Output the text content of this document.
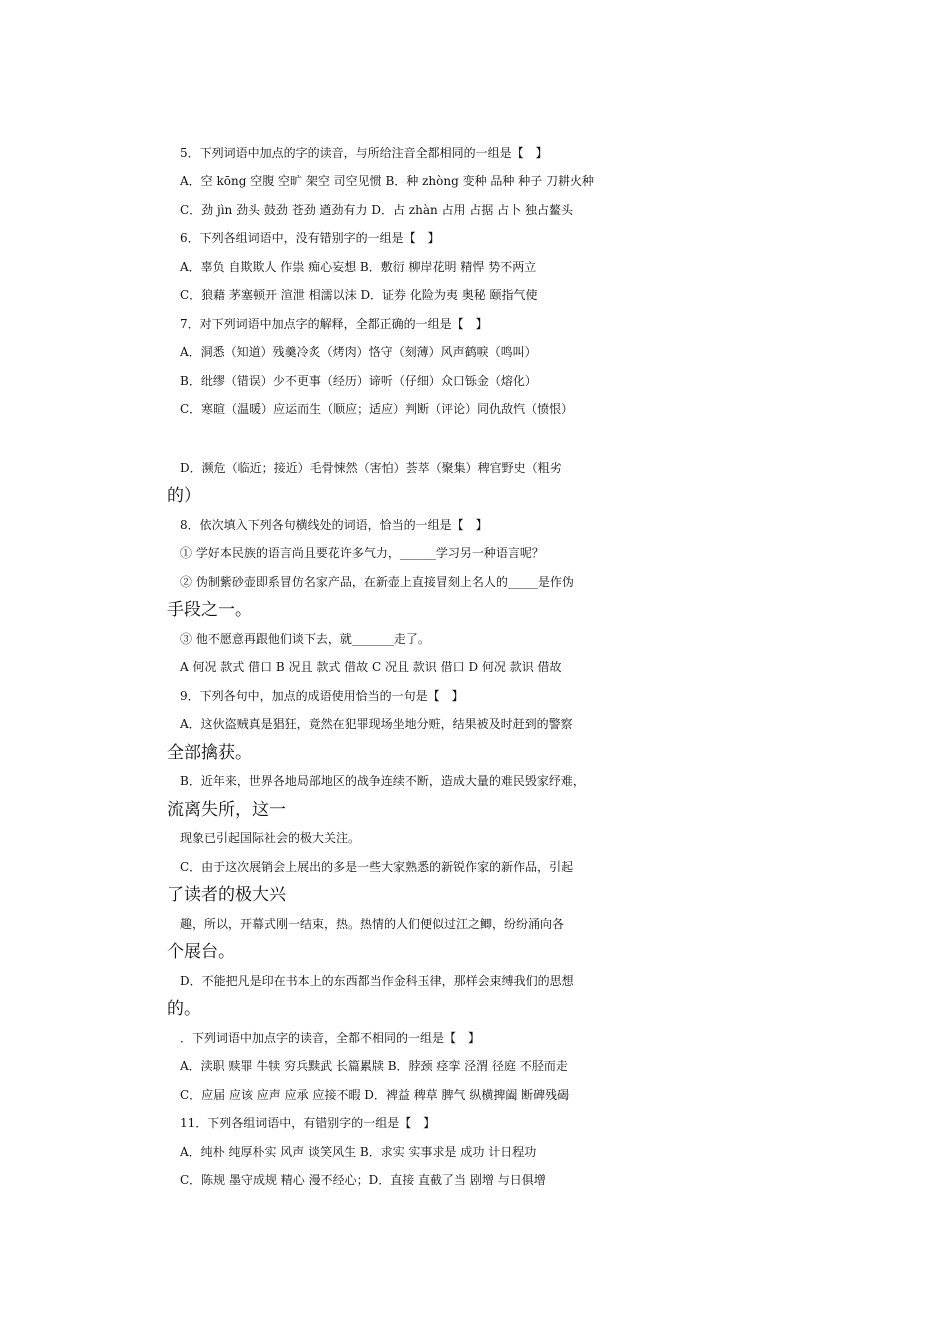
5．下列词语中加点的字的读音，与所给注音全都相同的一组是【　】

A．空 kōng 空腹 空旷 架空 司空见惯 B．种 zhòng 变种 品种 种子 刀耕火种

C．劲 jìn 劲头 鼓劲 苍劲 遒劲有力 D．占 zhàn 占用 占据 占卜 独占鳌头

6．下列各组词语中，没有错别字的一组是【　】

A．辜负 自欺欺人 作祟 痴心妄想 B．敷衍 柳岸花明 精悍 势不两立

C．狼藉 茅塞顿开 渲泄 相濡以沫 D．证券 化险为夷 奥秘 颐指气使

7．对下列词语中加点字的解释，全都正确的一组是【　】

A．洞悉（知道）残羹冷炙（烤肉）恪守（刻薄）风声鹤唳（鸣叫）

B．纰缪（错误）少不更事（经历）谛听（仔细）众口铄金（熔化）

C．寒暄（温暖）应运而生（顺应；适应）判断（评论）同仇敌忾（愤恨）

D．濒危（临近；接近）毛骨悚然（害怕）荟萃（聚集）稗官野史（粗劣

的）

8．依次填入下列各句横线处的词语，恰当的一组是【　】

① 学好本民族的语言尚且要花许多气力，______学习另一种语言呢？

② 伪制紫砂壶即系冒仿名家产品，在新壶上直接冒刻上名人的_____是作伪

手段之一。

③ 他不愿意再跟他们谈下去，就_______走了。

A 何况 款式 借口 B 况且 款式 借故 C 况且 款识 借口 D 何况 款识 借故

9．下列各句中，加点的成语使用恰当的一句是【　】

A．这伙盗贼真是猖狂，竟然在犯罪现场坐地分赃，结果被及时赶到的警察

全部擒获。

B．近年来，世界各地局部地区的战争连续不断，造成大量的难民毁家纾难，

流离失所，这一

现象已引起国际社会的极大关注。

C．由于这次展销会上展出的多是一些大家熟悉的新锐作家的新作品，引起

了读者的极大兴

趣，所以，开幕式刚一结束，热。热情的人们便似过江之鲫，纷纷涌向各

个展台。

D．不能把凡是印在书本上的东西都当作金科玉律，那样会束缚我们的思想

的。

．下列词语中加点字的读音，全都不相同的一组是【　】

A．渎职 赎罪 牛犊 穷兵黩武 长篇累牍 B．脖颈 痉挛 泾渭 径庭 不胫而走

C．应届 应该 应声 应承 应接不暇 D．裨益 稗草 脾气 纵横捭阖 断碑残碣

11．下列各组词语中，有错别字的一组是【　】

A．纯朴 纯厚朴实 风声 谈笑风生 B．求实 实事求是 成功 计日程功

C．陈规 墨守成规 精心 漫不经心；D．直接 直截了当 剧增 与日俱增
